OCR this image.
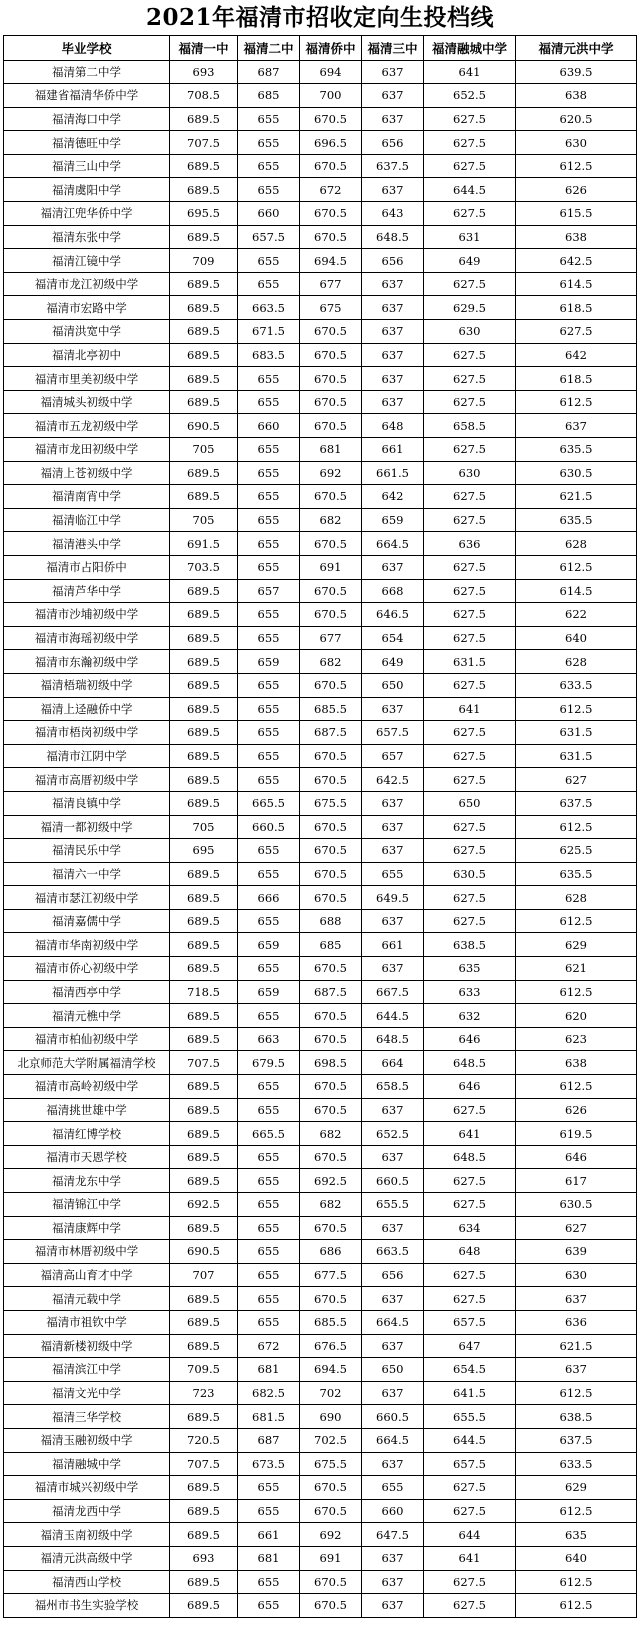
2021年福清市招收定向生投档线
毕业学校	福清一中	福清二中	福清侨中	福清三中	福清融城中学	福清元洪中学
福清第二中学	693	687	694	637	641	639.5
福建省福清华侨中学	708.5	685	700	637	652.5	638
福清海口中学	689.5	655	670.5	637	627.5	620.5
福清德旺中学	707.5	655	696.5	656	627.5	630
福清三山中学	689.5	655	670.5	637.5	627.5	612.5
福清虞阳中学	689.5	655	672	637	644.5	626
福清江兜华侨中学	695.5	660	670.5	643	627.5	615.5
福清东张中学	689.5	657.5	670.5	648.5	631	638
福清江镜中学	709	655	694.5	656	649	642.5
福清市龙江初级中学	689.5	655	677	637	627.5	614.5
福清市宏路中学	689.5	663.5	675	637	629.5	618.5
福清洪宽中学	689.5	671.5	670.5	637	630	627.5
福清北亭初中	689.5	683.5	670.5	637	627.5	642
福清市里美初级中学	689.5	655	670.5	637	627.5	618.5
福清城头初级中学	689.5	655	670.5	637	627.5	612.5
福清市五龙初级中学	690.5	660	670.5	648	658.5	637
福清市龙田初级中学	705	655	681	661	627.5	635.5
福清上苍初级中学	689.5	655	692	661.5	630	630.5
福清南宵中学	689.5	655	670.5	642	627.5	621.5
福清临江中学	705	655	682	659	627.5	635.5
福清港头中学	691.5	655	670.5	664.5	636	628
福清市占阳侨中	703.5	655	691	637	627.5	612.5
福清芦华中学	689.5	657	670.5	668	627.5	614.5
福清市沙埔初级中学	689.5	655	670.5	646.5	627.5	622
福清市海瑶初级中学	689.5	655	677	654	627.5	640
福清市东瀚初级中学	689.5	659	682	649	631.5	628
福清梧瑞初级中学	689.5	655	670.5	650	627.5	633.5
福清上迳融侨中学	689.5	655	685.5	637	641	612.5
福清市梧岗初级中学	689.5	655	687.5	657.5	627.5	631.5
福清市江阴中学	689.5	655	670.5	657	627.5	631.5
福清市高厝初级中学	689.5	655	670.5	642.5	627.5	627
福清良镇中学	689.5	665.5	675.5	637	650	637.5
福清一都初级中学	705	660.5	670.5	637	627.5	612.5
福清民乐中学	695	655	670.5	637	627.5	625.5
福清六一中学	689.5	655	670.5	655	630.5	635.5
福清市瑟江初级中学	689.5	666	670.5	649.5	627.5	628
福清嘉儒中学	689.5	655	688	637	627.5	612.5
福清市华南初级中学	689.5	659	685	661	638.5	629
福清市侨心初级中学	689.5	655	670.5	637	635	621
福清西亭中学	718.5	659	687.5	667.5	633	612.5
福清元樵中学	689.5	655	670.5	644.5	632	620
福清市柏仙初级中学	689.5	663	670.5	648.5	646	623
北京师范大学附属福清学校	707.5	679.5	698.5	664	648.5	638
福清市高岭初级中学	689.5	655	670.5	658.5	646	612.5
福清挑世雄中学	689.5	655	670.5	637	627.5	626
福清红博学校	689.5	665.5	682	652.5	641	619.5
福清市天恩学校	689.5	655	670.5	637	648.5	646
福清龙东中学	689.5	655	692.5	660.5	627.5	617
福清锦江中学	692.5	655	682	655.5	627.5	630.5
福清康辉中学	689.5	655	670.5	637	634	627
福清市林厝初级中学	690.5	655	686	663.5	648	639
福清高山育才中学	707	655	677.5	656	627.5	630
福清元载中学	689.5	655	670.5	637	627.5	637
福清市祖钦中学	689.5	655	685.5	664.5	657.5	636
福清新楼初级中学	689.5	672	676.5	637	647	621.5
福清滨江中学	709.5	681	694.5	650	654.5	637
福清文光中学	723	682.5	702	637	641.5	612.5
福清三华学校	689.5	681.5	690	660.5	655.5	638.5
福清玉融初级中学	720.5	687	702.5	664.5	644.5	637.5
福清融城中学	707.5	673.5	675.5	637	657.5	633.5
福清市城兴初级中学	689.5	655	670.5	655	627.5	629
福清龙西中学	689.5	655	670.5	660	627.5	612.5
福清玉南初级中学	689.5	661	692	647.5	644	635
福清元洪高级中学	693	681	691	637	641	640
福清西山学校	689.5	655	670.5	637	627.5	612.5
福州市书生实验学校	689.5	655	670.5	637	627.5	612.5
